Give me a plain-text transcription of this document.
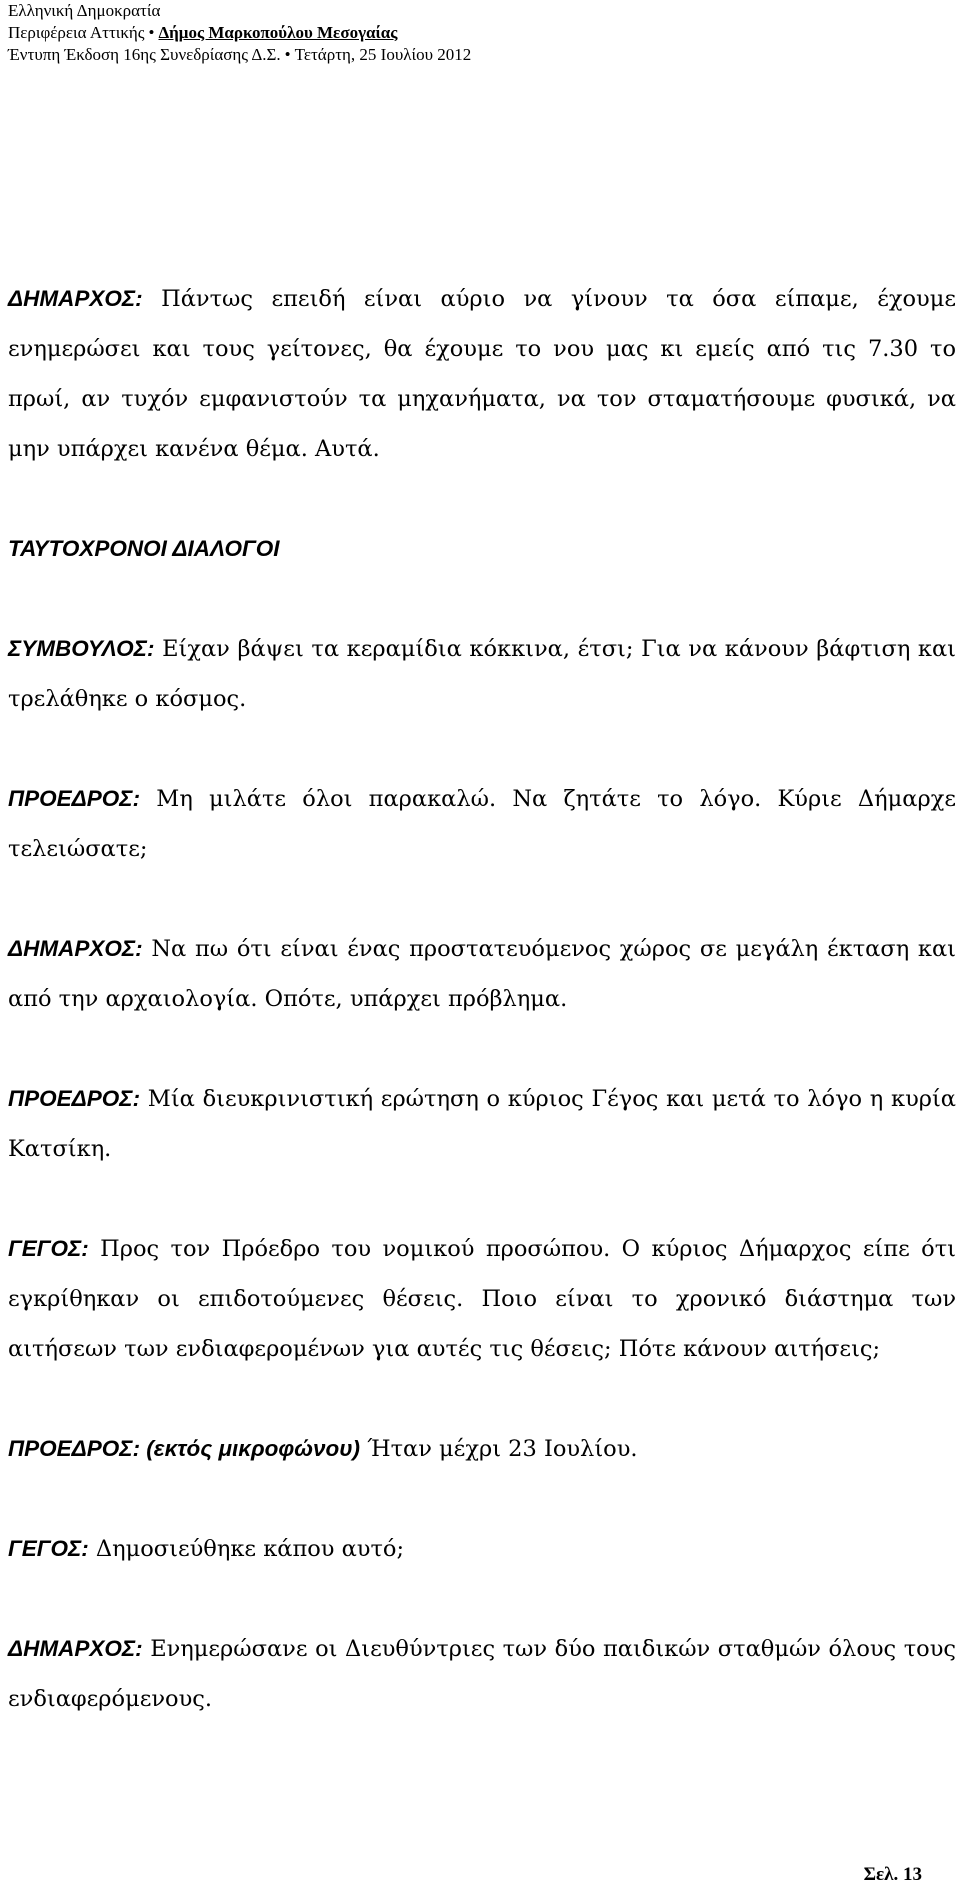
Ελληνική Δημοκρατία
Περιφέρεια Αττικής • Δήμος Μαρκοπούλου Μεσογαίας
Έντυπη Έκδοση 16ης Συνεδρίασης Δ.Σ. • Τετάρτη, 25 Ιουλίου 2012

ΔΗΜΑΡΧΟΣ: Πάντως επειδή είναι αύριο να γίνουν τα όσα είπαμε, έχουμε ενημερώσει και τους γείτονες, θα έχουμε το νου μας κι εμείς από τις 7.30 το πρωί, αν τυχόν εμφανιστούν τα μηχανήματα, να τον σταματήσουμε φυσικά, να μην υπάρχει κανένα θέμα. Αυτά.

ΤΑΥΤΟΧΡΟΝΟΙ ΔΙΑΛΟΓΟΙ

ΣΥΜΒΟΥΛΟΣ: Είχαν βάψει τα κεραμίδια κόκκινα, έτσι; Για να κάνουν βάφτιση και τρελάθηκε ο κόσμος.

ΠΡΟΕΔΡΟΣ: Μη μιλάτε όλοι παρακαλώ. Να ζητάτε το λόγο. Κύριε Δήμαρχε τελειώσατε;

ΔΗΜΑΡΧΟΣ: Να πω ότι είναι ένας προστατευόμενος χώρος σε μεγάλη έκταση και από την αρχαιολογία. Οπότε, υπάρχει πρόβλημα.

ΠΡΟΕΔΡΟΣ: Μία διευκρινιστική ερώτηση ο κύριος Γέγος και μετά το λόγο η κυρία Κατσίκη.

ΓΕΓΟΣ: Προς τον Πρόεδρο του νομικού προσώπου. Ο κύριος Δήμαρχος είπε ότι εγκρίθηκαν οι επιδοτούμενες θέσεις. Ποιο είναι το χρονικό διάστημα των αιτήσεων των ενδιαφερομένων για αυτές τις θέσεις; Πότε κάνουν αιτήσεις;

ΠΡΟΕΔΡΟΣ: (εκτός μικροφώνου) Ήταν μέχρι 23 Ιουλίου.

ΓΕΓΟΣ: Δημοσιεύθηκε κάπου αυτό;

ΔΗΜΑΡΧΟΣ: Ενημερώσανε οι Διευθύντριες των δύο παιδικών σταθμών όλους τους ενδιαφερόμενους.

Σελ. 13
